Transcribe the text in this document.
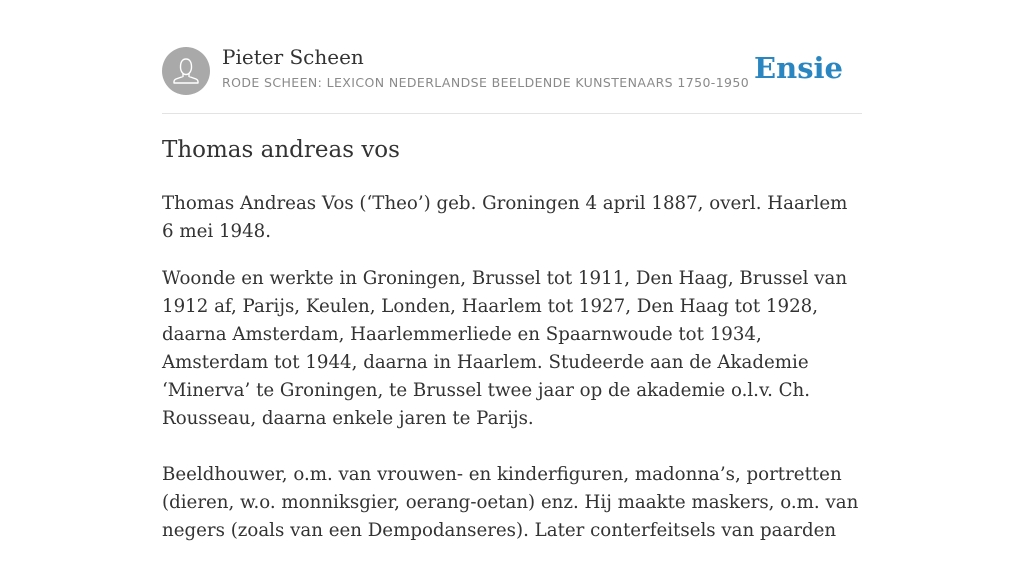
Pieter Scheen
RODE SCHEEN: LEXICON NEDERLANDSE BEELDENDE KUNSTENAARS 1750-1950 Ensie
Thomas andreas vos

Thomas Andreas Vos (‘Theo’) geb. Groningen 4 april 1887, overl. Haarlem 6 mei 1948.

Woonde en werkte in Groningen, Brussel tot 1911, Den Haag, Brussel van 1912 af, Parijs, Keulen, Londen, Haarlem tot 1927, Den Haag tot 1928, daarna Amsterdam, Haarlemmerliede en Spaarnwoude tot 1934, Amsterdam tot 1944, daarna in Haarlem. Studeerde aan de Akademie ‘Minerva’ te Groningen, te Brussel twee jaar op de akademie o.l.v. Ch. Rousseau, daarna enkele jaren te Parijs.

Beeldhouwer, o.m. van vrouwen- en kinderfiguren, madonna’s, portretten (dieren, w.o. monniksgier, oerang-oetan) enz. Hij maakte maskers, o.m. van negers (zoals van een Dempodanseres). Later conterfeitsels van paarden
